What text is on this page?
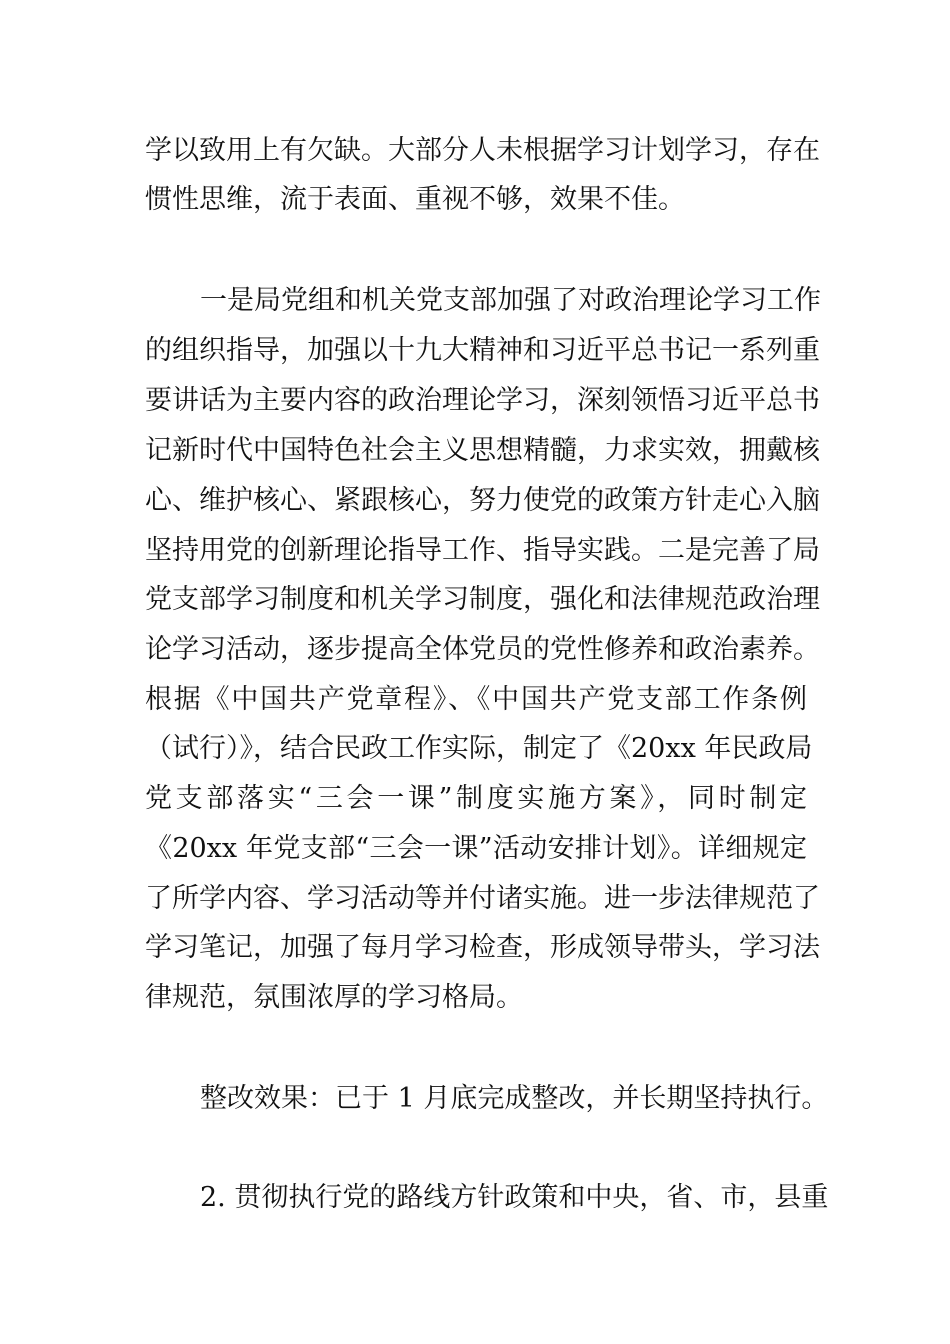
学以致用上有欠缺。大部分人未根据学习计划学习，存在
惯性思维，流于表面、重视不够，效果不佳。
一是局党组和机关党支部加强了对政治理论学习工作
的组织指导，加强以十九大精神和习近平总书记一系列重
要讲话为主要内容的政治理论学习，深刻领悟习近平总书
记新时代中国特色社会主义思想精髓，力求实效，拥戴核
心、维护核心、紧跟核心，努力使党的政策方针走心入脑
坚持用党的创新理论指导工作、指导实践。二是完善了局
党支部学习制度和机关学习制度，强化和法律规范政治理
论学习活动，逐步提高全体党员的党性修养和政治素养。
根据《中国共产党章程》、《中国共产党支部工作条例
（试行）》，结合民政工作实际，制定了《20xx 年民政局
党支部落实“三会一课”制度实施方案》，同时制定
《20xx 年党支部“三会一课”活动安排计划》。详细规定
了所学内容、学习活动等并付诸实施。进一步法律规范了
学习笔记，加强了每月学习检查，形成领导带头，学习法
律规范，氛围浓厚的学习格局。
整改效果：已于 1 月底完成整改，并长期坚持执行。
2. 贯彻执行党的路线方针政策和中央，省、市，县重
